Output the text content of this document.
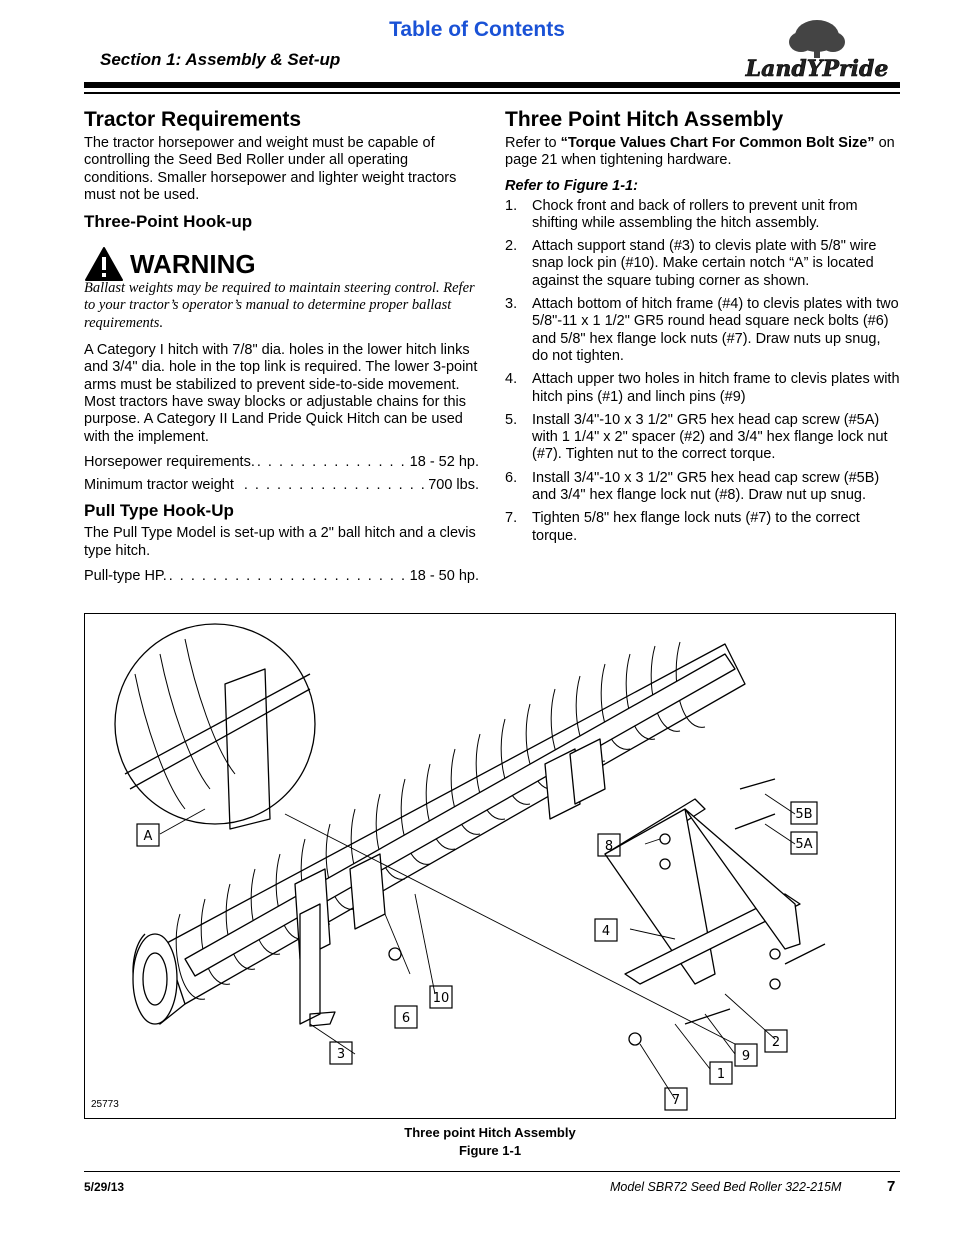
Table of Contents
Section 1: Assembly & Set-up	LandYPride
Tractor Requirements

The tractor horsepower and weight must be capable of controlling the Seed Bed Roller under all operating conditions. Smaller horsepower and lighter weight tractors must not be used.

Three-Point Hook-up
WARNING

Ballast weights may be required to maintain steering control. Refer to your tractor’s operator’s manual to determine proper ballast requirements.

A Category I hitch with 7/8" dia. holes in the lower hitch links and 3/4" dia. hole in the top link is required. The lower 3-point arms must be stabilized to prevent side-to-side movement. Most tractors have sway blocks or adjustable chains for this purpose. A Category II Land Pride Quick Hitch can be used with the implement.

Horsepower requirements. . . .	18 - 52 hp.
Minimum tractor weight . . .	700 lbs.
Pull Type Hook-Up

The Pull Type Model is set-up with a 2" ball hitch and a clevis type hitch.

Pull-type HP. . . .	18 - 50 hp.
Three Point Hitch Assembly

Refer to “Torque Values Chart For Common Bolt Size” on page 21 when tightening hardware.

Refer to Figure 1-1:
1.	Chock front and back of rollers to prevent unit from shifting while assembling the hitch assembly.
2.	Attach support stand (#3) to clevis plate with 5/8" wire snap lock pin (#10). Make certain notch “A” is located against the square tubing corner as shown.
3.	Attach bottom of hitch frame (#4) to clevis plates with two 5/8"-11 x 1 1/2" GR5 round head square neck bolts (#6) and 5/8" hex flange lock nuts (#7). Draw nuts up snug, do not tighten.
4.	Attach upper two holes in hitch frame to clevis plates with hitch pins (#1) and linch pins (#9)
5.	Install 3/4"-10 x 3 1/2" GR5 hex head cap screw (#5A) with 1 1/4" x 2" spacer (#2) and 3/4" hex flange lock nut (#7). Tighten nut to the correct torque.
6.	Install 3/4"-10 x 3 1/2" GR5 hex head cap screw (#5B) and 3/4" hex flange lock nut (#8). Draw nut up snug.
7.	Tighten 5/8" hex flange lock nuts (#7) to the correct torque.
A
5B
5A
8
4
10
6
3
2
9
1
7
25773
Three point Hitch Assembly
Figure 1-1
5/29/13	Model SBR72 Seed Bed Roller 322-215M	7
